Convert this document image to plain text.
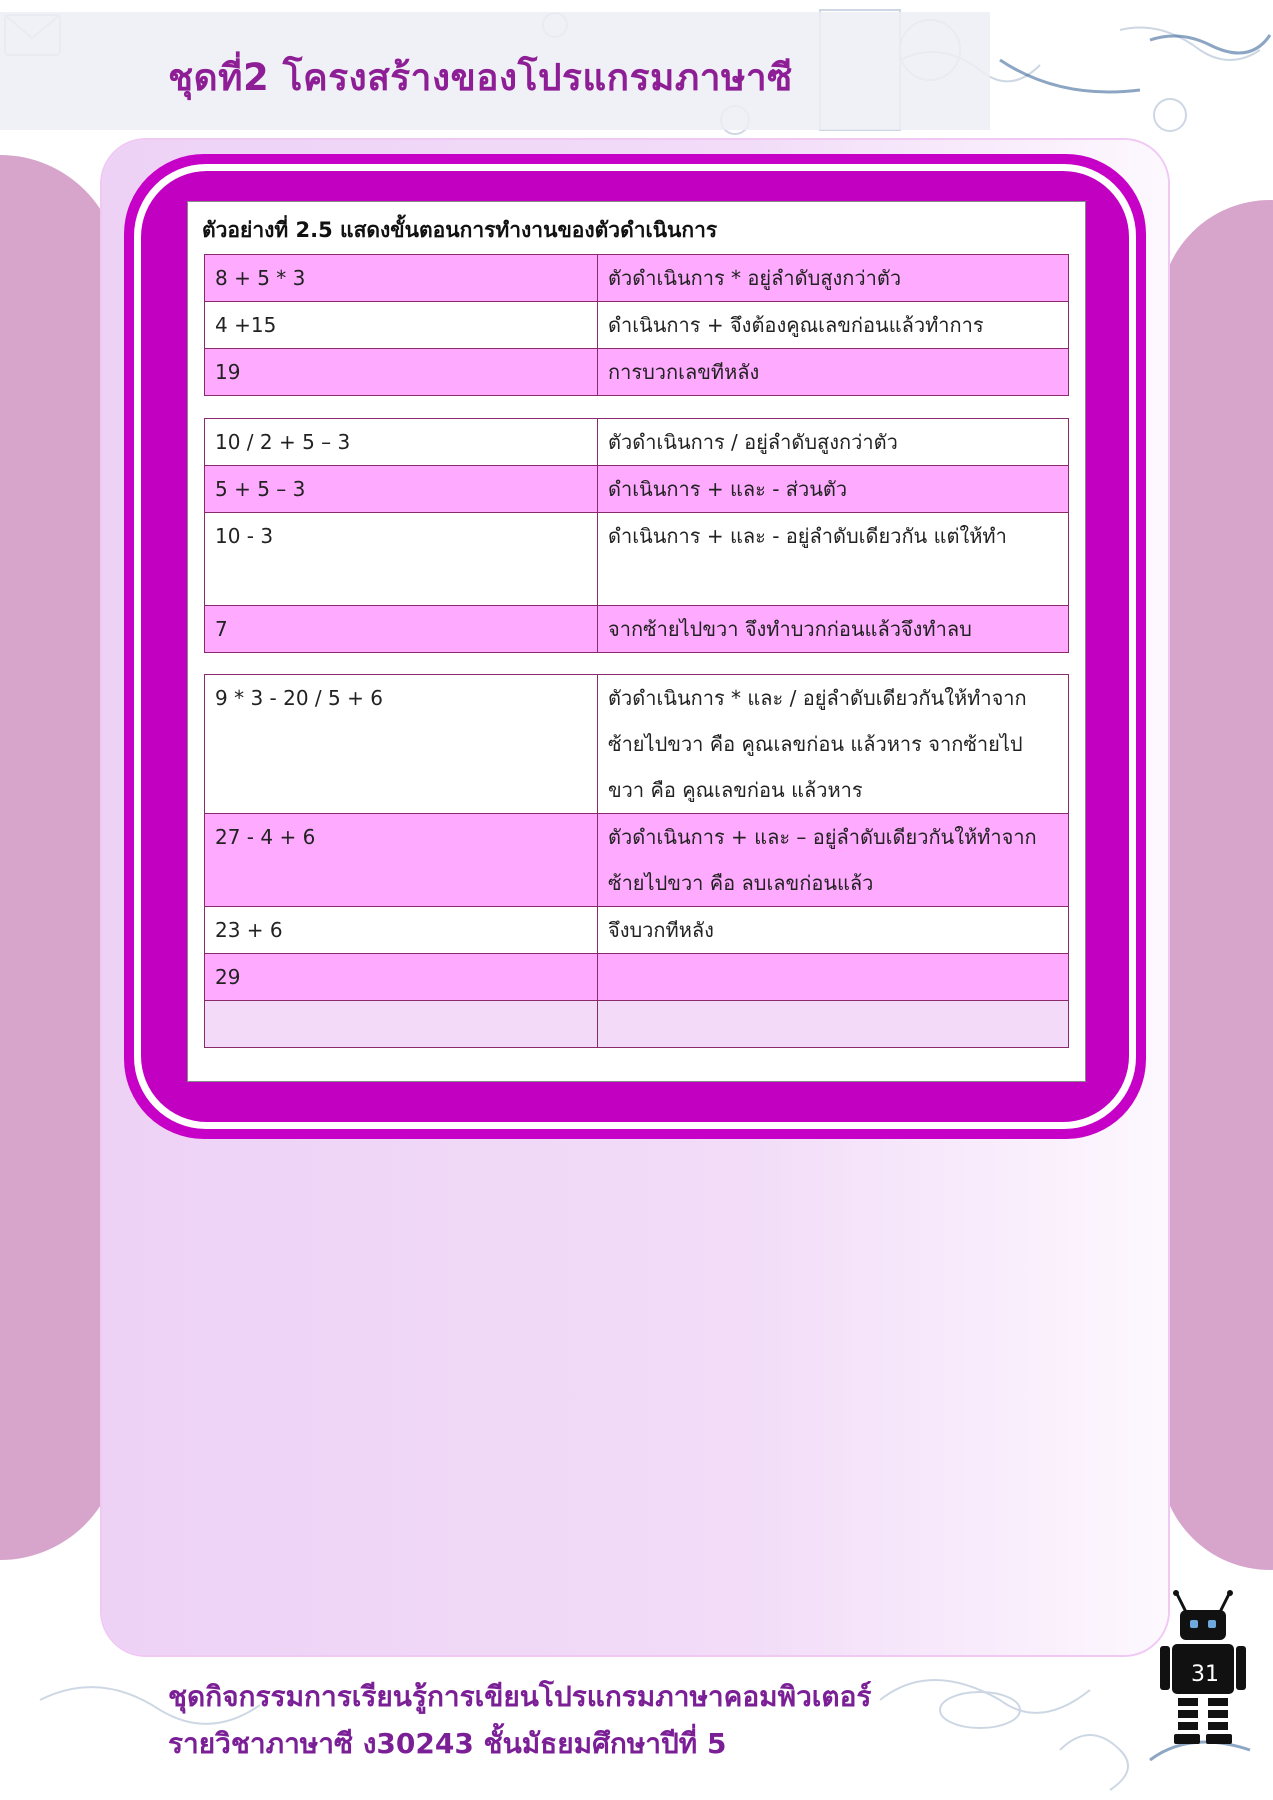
ชุดที่2 โครงสร้างของโปรแกรมภาษาซี
ตัวอย่างที่ 2.5 แสดงขั้นตอนการทำงานของตัวดำเนินการ
8 + 5 * 3	ตัวดำเนินการ * อยู่ลำดับสูงกว่าตัว
4 +15	ดำเนินการ + จึงต้องคูณเลขก่อนแล้วทำการ
19	การบวกเลขทีหลัง
10 / 2 + 5 – 3	ตัวดำเนินการ / อยู่ลำดับสูงกว่าตัว
5 + 5 – 3	ดำเนินการ + และ - ส่วนตัว
10 - 3	ดำเนินการ + และ - อยู่ลำดับเดียวกัน แต่ให้ทำ
7	จากซ้ายไปขวา จึงทำบวกก่อนแล้วจึงทำลบ
9 * 3 - 20 / 5 + 6	ตัวดำเนินการ * และ / อยู่ลำดับเดียวกันให้ทำจากซ้ายไปขวา คือ คูณเลขก่อน แล้วหาร จากซ้ายไปขวา คือ คูณเลขก่อน แล้วหาร
27 - 4 + 6	ตัวดำเนินการ + และ – อยู่ลำดับเดียวกันให้ทำจากซ้ายไปขวา คือ ลบเลขก่อนแล้ว
23 + 6	จึงบวกทีหลัง
29	

ชุดกิจกรรมการเรียนรู้การเขียนโปรแกรมภาษาคอมพิวเตอร์
รายวิชาภาษาซี ง30243 ชั้นมัธยมศึกษาปีที่ 5
31
